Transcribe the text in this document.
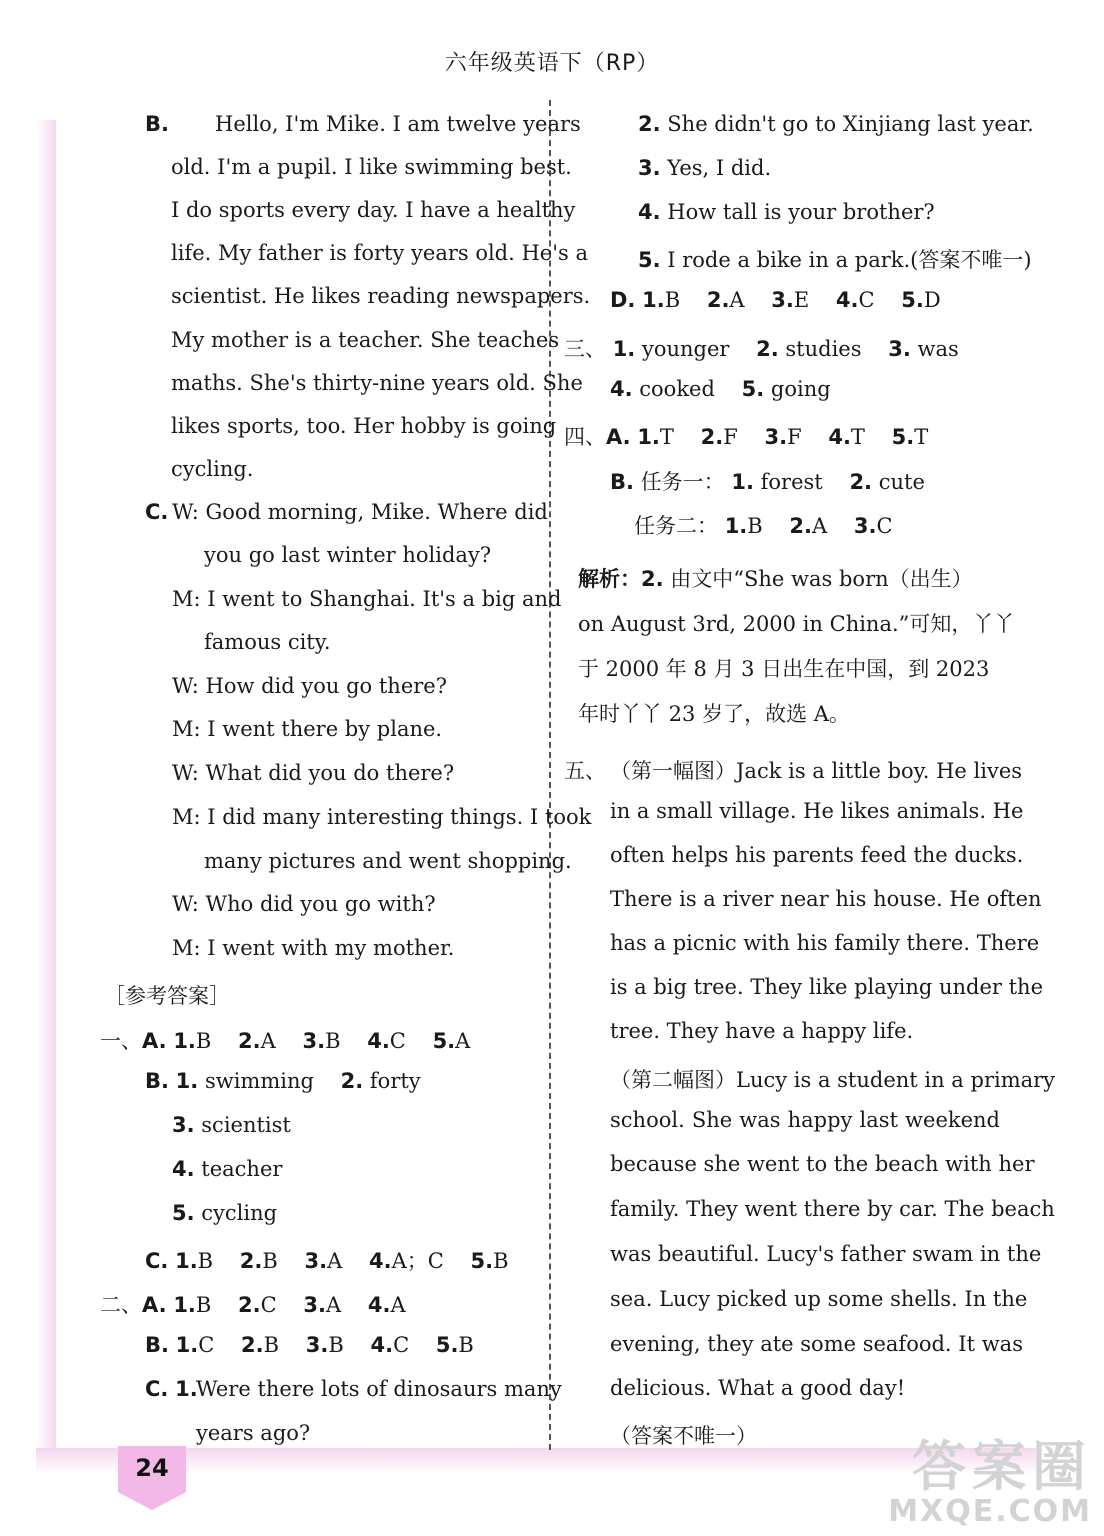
六年级英语下（RP）
B. Hello, I'm Mike. I am twelve years
old. I'm a pupil. I like swimming best.
I do sports every day. I have a healthy
life. My father is forty years old. He's a
scientist. He likes reading newspapers.
My mother is a teacher. She teaches
maths. She's thirty-nine years old. She
likes sports, too. Her hobby is going
cycling.
C. W: Good morning, Mike. Where did
you go last winter holiday?
M: I went to Shanghai. It's a big and
famous city.
W: How did you go there?
M: I went there by plane.
W: What did you do there?
M: I did many interesting things. I took
many pictures and went shopping.
W: Who did you go with?
M: I went with my mother.
［参考答案］
一、A. 1.B 2.A 3.B 4.C 5.A
B. 1. swimming 2. forty
3. scientist
4. teacher
5. cycling
C. 1.B 2.B 3.A 4.A；C 5.B
二、A. 1.B 2.C 3.A 4.A
B. 1.C 2.B 3.B 4.C 5.B
C. 1.
Were there lots of dinosaurs many
years ago?
2. She didn't go to Xinjiang last year.
3. Yes, I did.
4. How tall is your brother?
5. I rode a bike in a park.(答案不唯一)
D. 1.B 2.A 3.E 4.C 5.D
三、 1. younger 2. studies 3. was
4. cooked 5. going
四、A. 1.T 2.F 3.F 4.T 5.T
B. 任务一： 1. forest 2. cute
任务二： 1.B 2.A 3.C
解析：2. 由文中“She was born（出生）
on August 3rd, 2000 in China.”可知，丫丫
于 2000 年 8 月 3 日出生在中国，到 2023
年时丫丫 23 岁了，故选 A。
五、 （第一幅图）Jack is a little boy. He lives
in a small village. He likes animals. He
often helps his parents feed the ducks.
There is a river near his house. He often
has a picnic with his family there. There
is a big tree. They like playing under the
tree. They have a happy life.
（第二幅图）Lucy is a student in a primary
school. She was happy last weekend
because she went to the beach with her
family. They went there by car. The beach
was beautiful. Lucy's father swam in the
sea. Lucy picked up some shells. In the
evening, they ate some seafood. It was
delicious. What a good day!
（答案不唯一）
24	答案圈
MXQE.COM
